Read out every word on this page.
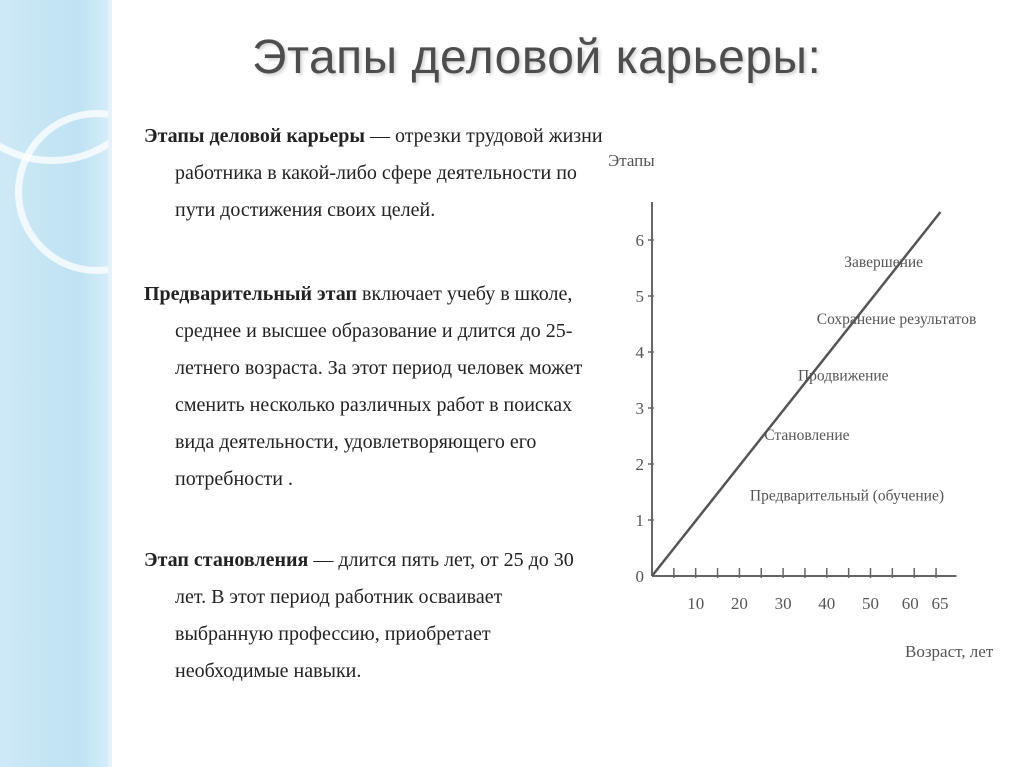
Этапы деловой карьеры:

Этапы деловой карьеры — отрезки трудовой жизни работника в какой-либо сфере деятельности по пути достижения своих целей.

Предварительный этап включает учебу в школе, среднее и высшее образование и длится до 25-летнего возраста. За этот период человек может сменить несколько различных работ в поисках вида деятельности, удовлетворяющего его потребности .

Этап становления — длится пять лет, от 25 до 30 лет. В этот период работник осваивает выбранную профессию, приобретает необходимые навыки.

Этапы
Возраст, лет
0
1
2
3
4
5
6
10 20 30 40 50 60 65
Предварительный (обучение)
Становление
Продвижение
Сохранение результатов
Завершение
